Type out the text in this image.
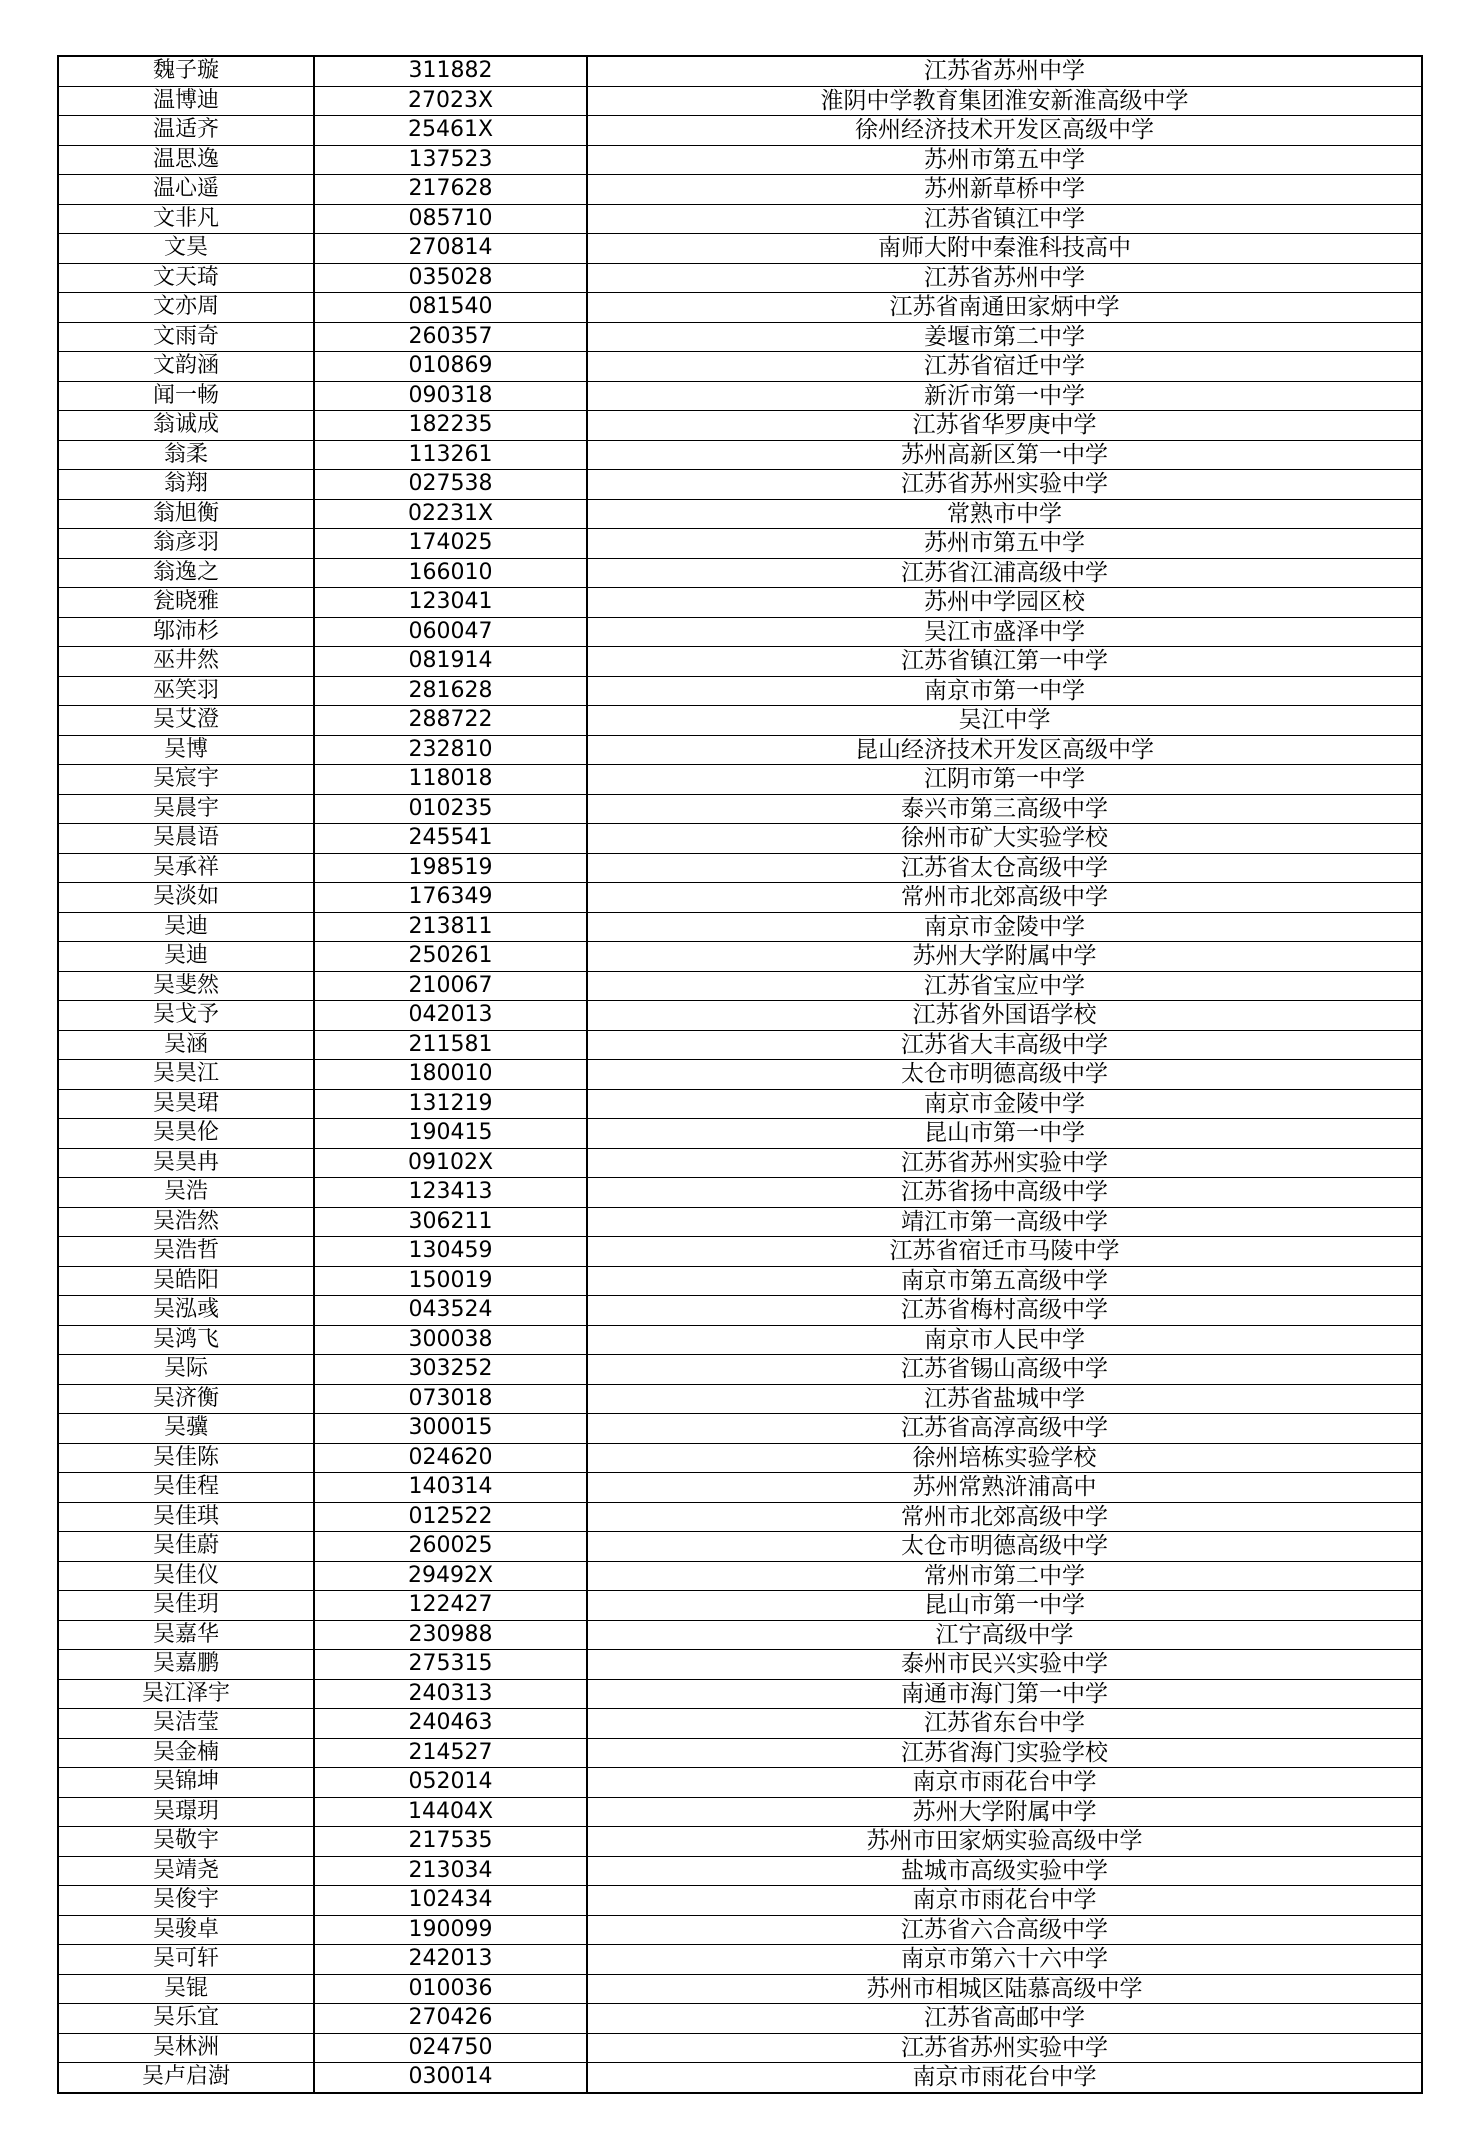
魏子璇	311882	江苏省苏州中学
温博迪	27023X	淮阴中学教育集团淮安新淮高级中学
温适齐	25461X	徐州经济技术开发区高级中学
温思逸	137523	苏州市第五中学
温心遥	217628	苏州新草桥中学
文非凡	085710	江苏省镇江中学
文昊	270814	南师大附中秦淮科技高中
文天琦	035028	江苏省苏州中学
文亦周	081540	江苏省南通田家炳中学
文雨奇	260357	姜堰市第二中学
文韵涵	010869	江苏省宿迁中学
闻一畅	090318	新沂市第一中学
翁诚成	182235	江苏省华罗庚中学
翁柔	113261	苏州高新区第一中学
翁翔	027538	江苏省苏州实验中学
翁旭衡	02231X	常熟市中学
翁彦羽	174025	苏州市第五中学
翁逸之	166010	江苏省江浦高级中学
瓮晓雅	123041	苏州中学园区校
邬沛杉	060047	吴江市盛泽中学
巫井然	081914	江苏省镇江第一中学
巫笑羽	281628	南京市第一中学
吴艾澄	288722	吴江中学
吴博	232810	昆山经济技术开发区高级中学
吴宸宇	118018	江阴市第一中学
吴晨宇	010235	泰兴市第三高级中学
吴晨语	245541	徐州市矿大实验学校
吴承祥	198519	江苏省太仓高级中学
吴淡如	176349	常州市北郊高级中学
吴迪	213811	南京市金陵中学
吴迪	250261	苏州大学附属中学
吴斐然	210067	江苏省宝应中学
吴戈予	042013	江苏省外国语学校
吴涵	211581	江苏省大丰高级中学
吴昊江	180010	太仓市明德高级中学
吴昊珺	131219	南京市金陵中学
吴昊伦	190415	昆山市第一中学
吴昊冉	09102X	江苏省苏州实验中学
吴浩	123413	江苏省扬中高级中学
吴浩然	306211	靖江市第一高级中学
吴浩哲	130459	江苏省宿迁市马陵中学
吴皓阳	150019	南京市第五高级中学
吴泓彧	043524	江苏省梅村高级中学
吴鸿飞	300038	南京市人民中学
吴际	303252	江苏省锡山高级中学
吴济衡	073018	江苏省盐城中学
吴骥	300015	江苏省高淳高级中学
吴佳陈	024620	徐州培栋实验学校
吴佳程	140314	苏州常熟浒浦高中
吴佳琪	012522	常州市北郊高级中学
吴佳蔚	260025	太仓市明德高级中学
吴佳仪	29492X	常州市第二中学
吴佳玥	122427	昆山市第一中学
吴嘉华	230988	江宁高级中学
吴嘉鹏	275315	泰州市民兴实验中学
吴江泽宇	240313	南通市海门第一中学
吴洁莹	240463	江苏省东台中学
吴金楠	214527	江苏省海门实验学校
吴锦坤	052014	南京市雨花台中学
吴璟玥	14404X	苏州大学附属中学
吴敬宇	217535	苏州市田家炳实验高级中学
吴靖尧	213034	盐城市高级实验中学
吴俊宇	102434	南京市雨花台中学
吴骏卓	190099	江苏省六合高级中学
吴可轩	242013	南京市第六十六中学
吴锟	010036	苏州市相城区陆慕高级中学
吴乐宜	270426	江苏省高邮中学
吴林洲	024750	江苏省苏州实验中学
吴卢启澍	030014	南京市雨花台中学
